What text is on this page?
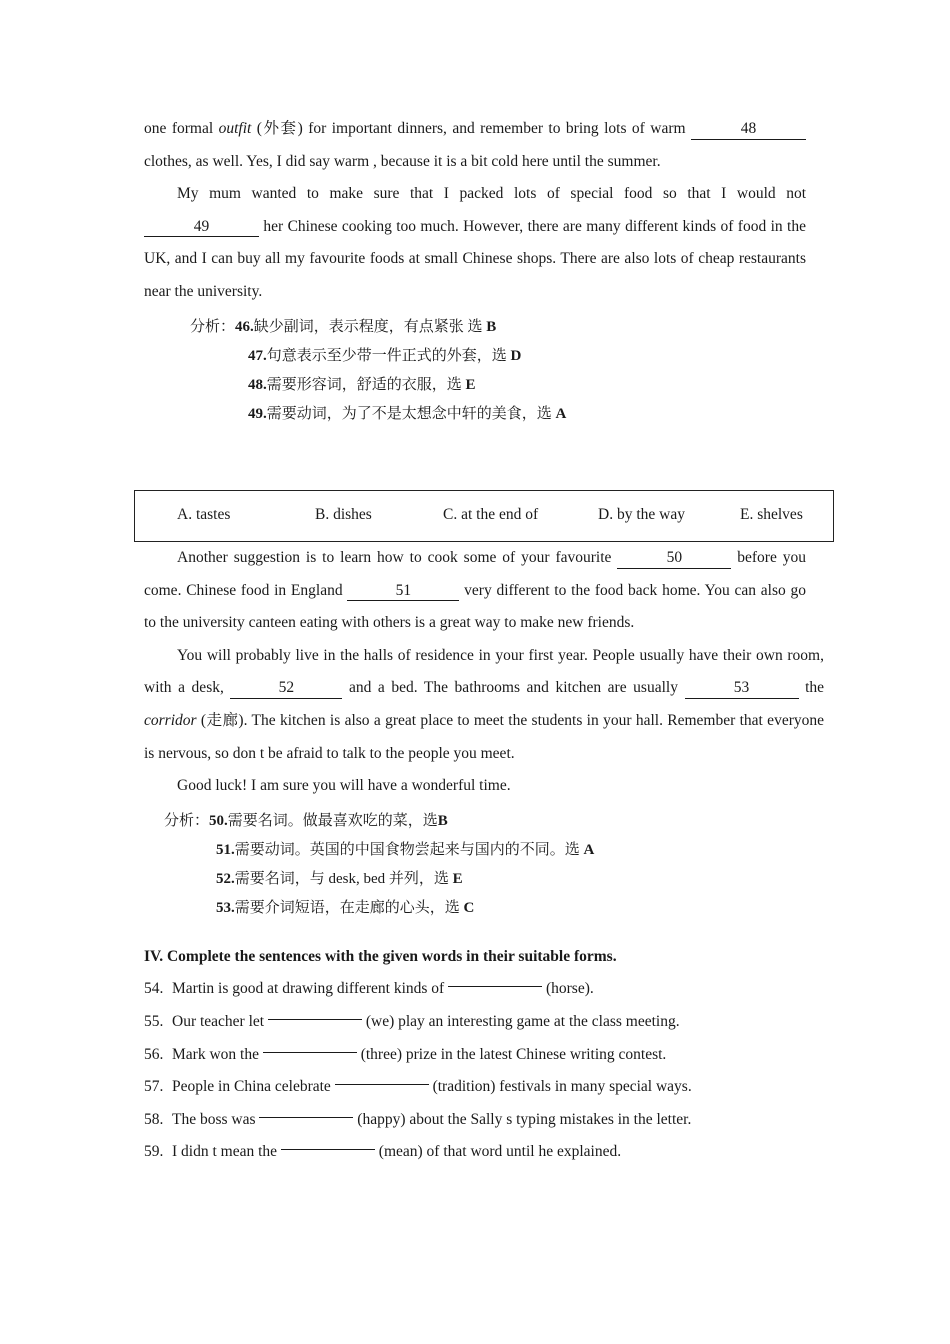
one formal outfit (外套) for important dinners, and remember to bring lots of warm	48 clothes, as well. Yes, I did say warm , because it is a bit cold here until the summer.

My mum wanted to make sure that I packed lots of special food so that I would not 49	her Chinese cooking too much. However, there are many different kinds of food in the UK, and I can buy all my favourite foods at small Chinese shops. There are also lots of cheap restaurants near the university.

分析：46.缺少副词，表示程度，有点紧张 选 B
47.句意表示至少带一件正式的外套，选 D
48.需要形容词，舒适的衣服，选 E
49.需要动词，为了不是太想念中轩的美食，选 A
A. tastes	B. dishes	C. at the end of	D. by the way	E. shelves

Another suggestion is to learn how to cook some of your favourite	50	before you come. Chinese food in England	51	very different to the food back home. You can also go to the university canteen eating with others is a great way to make new friends.

You will probably live in the halls of residence in your first year. People usually have their own room, with a desk,	52	and a bed. The bathrooms and kitchen are usually	53	the corridor (走廊). The kitchen is also a great place to meet the students in your hall. Remember that everyone is nervous, so don t be afraid to talk to the people you meet.

Good luck! I am sure you will have a wonderful time.

分析：50.需要名词。做最喜欢吃的菜，选B
51.需要动词。英国的中国食物尝起来与国内的不同。选 A
52.需要名词，与 desk, bed 并列，选 E
53.需要介词短语，在走廊的心头，选 C
IV. Complete the sentences with the given words in their suitable forms.
54. Martin is good at drawing different kinds of	(horse).
55. Our teacher let	(we) play an interesting game at the class meeting.
56. Mark won the	(three) prize in the latest Chinese writing contest.
57. People in China celebrate	(tradition) festivals in many special ways.
58. The boss was	(happy) about the Sally s typing mistakes in the letter.
59. I didn t mean the	(mean) of that word until he explained.
